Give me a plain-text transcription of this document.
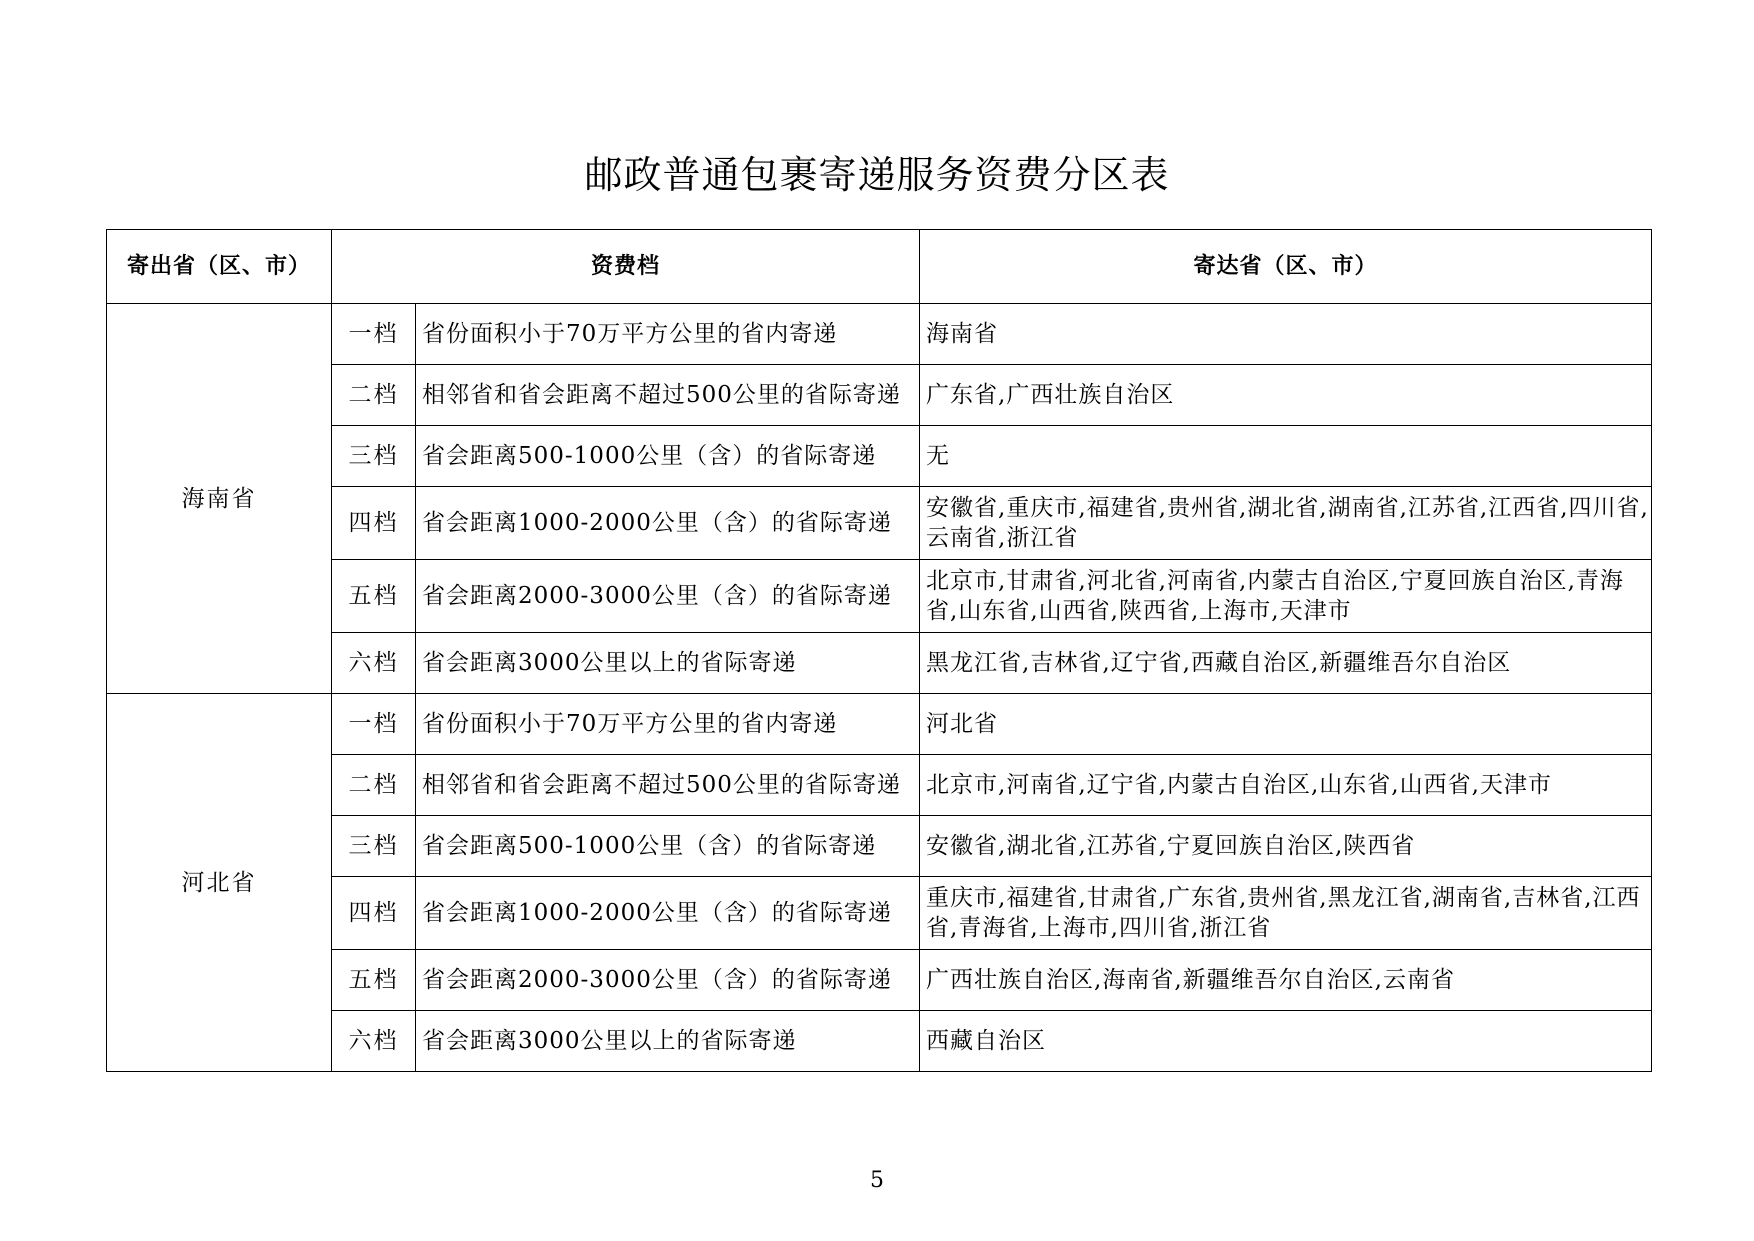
邮政普通包裹寄递服务资费分区表
寄出省（区、市）	资费档		寄达省（区、市）
海南省	一档	省份面积小于70万平方公里的省内寄递	海南省
	二档	相邻省和省会距离不超过500公里的省际寄递	广东省,广西壮族自治区
	三档	省会距离500-1000公里（含）的省际寄递	无
	四档	省会距离1000-2000公里（含）的省际寄递	安徽省,重庆市,福建省,贵州省,湖北省,湖南省,江苏省,江西省,四川省,云南省,浙江省
	五档	省会距离2000-3000公里（含）的省际寄递	北京市,甘肃省,河北省,河南省,内蒙古自治区,宁夏回族自治区,青海省,山东省,山西省,陕西省,上海市,天津市
	六档	省会距离3000公里以上的省际寄递	黑龙江省,吉林省,辽宁省,西藏自治区,新疆维吾尔自治区
河北省	一档	省份面积小于70万平方公里的省内寄递	河北省
	二档	相邻省和省会距离不超过500公里的省际寄递	北京市,河南省,辽宁省,内蒙古自治区,山东省,山西省,天津市
	三档	省会距离500-1000公里（含）的省际寄递	安徽省,湖北省,江苏省,宁夏回族自治区,陕西省
	四档	省会距离1000-2000公里（含）的省际寄递	重庆市,福建省,甘肃省,广东省,贵州省,黑龙江省,湖南省,吉林省,江西省,青海省,上海市,四川省,浙江省
	五档	省会距离2000-3000公里（含）的省际寄递	广西壮族自治区,海南省,新疆维吾尔自治区,云南省
	六档	省会距离3000公里以上的省际寄递	西藏自治区
5
